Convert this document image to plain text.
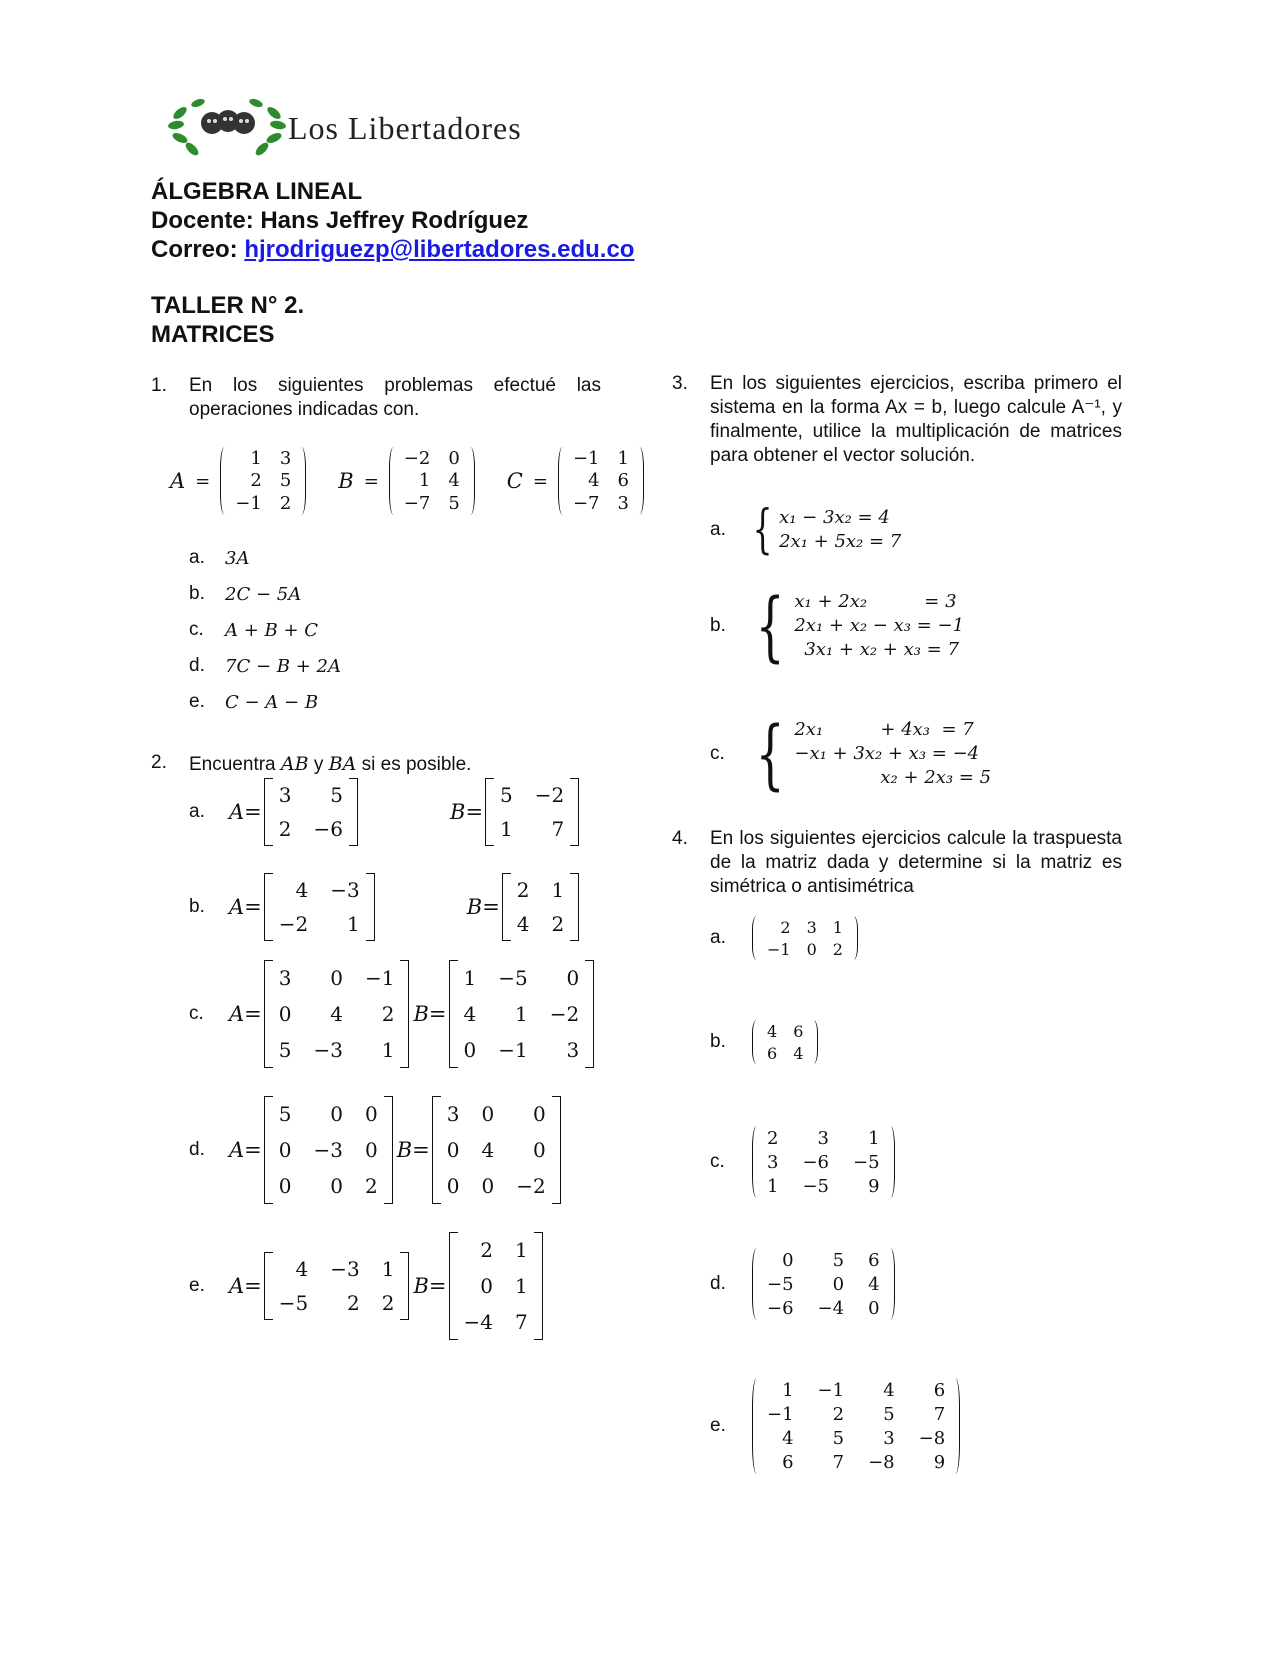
Los Libertadores
ÁLGEBRA LINEAL
Docente: Hans Jeffrey Rodríguez
Correo: hjrodriguezp@libertadores.edu.co
TALLER N° 2.
MATRICES
1. En los siguientes problemas efectué las operaciones indicadas con.
A =
1 3
2 5
−1 2
B =
−2 0
1 4
−7 5
C =
−1 1
4 6
−7 3
a.	3A
b.	2C − 5A
c.	A + B + C
d.	7C − B + 2A
e.	C − A − B
2. Encuentra AB y BA si es posible.
a.	A=
3	5
2 −6
B=
5 −2
1	7
b.	A=
4 −3
−2	1
B=
2 1
4 2
c.	A=
3	0 −1
0	4	2
5 −3	1
B=
1 −5	0
4	1 −2
0 −1	3
d.	A=
5	0 0
0 −3 0
0	0 2
B=
3 0	0
0 4	0
0 0 −2
e.	A=
4 −3 1
−5	2 2
B=
2 1
0 1
−4 7
3. En los siguientes ejercicios, escriba primero el sistema en la forma Ax = b, luego calcule A⁻¹, y finalmente, utilice la multiplicación de matrices para obtener el vector solución.
a. { x₁ − 3x₂ = 4
2x₁ + 5x₂ = 7
b. { x₁ + 2x₂          = 3
2x₁ + x₂ − x₃ = −1
3x₁ + x₂ + x₃ = 7
c. { 2x₁          + 4x₃  = 7
−x₁ + 3x₂ + x₃ = −4
x₂ + 2x₃ = 5
4. En los siguientes ejercicios calcule la traspuesta de la matriz dada y determine si la matriz es simétrica o antisimétrica
a.	2 3 1
−1 0 2
b.	4 6
6 4
c.
2	3	1
3 −6 −5
1 −5	9
d.
0	5 6
−5	0 4
−6 −4 0
e.
1 −1	4	6
−1	2	5	7
4	5	3 −8
6	7 −8	9
